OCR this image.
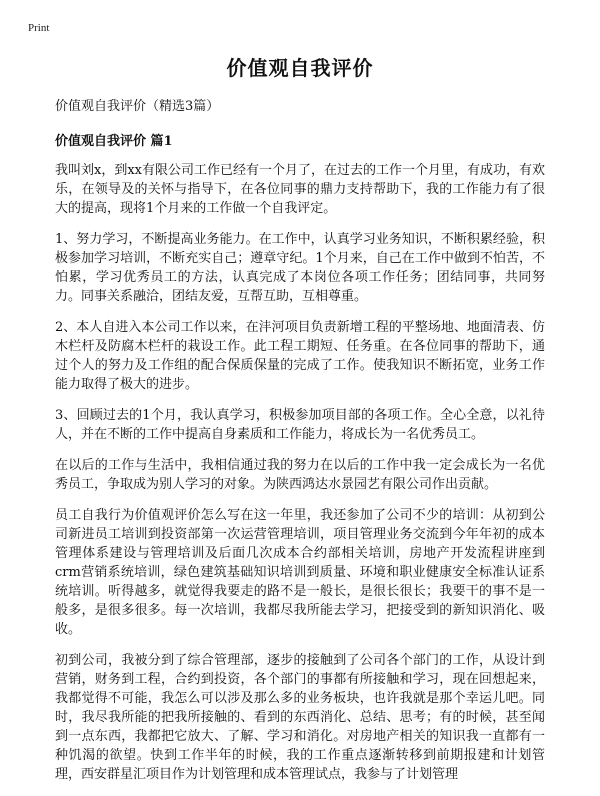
Print
价值观自我评价
价值观自我评价（精选3篇）
价值观自我评价 篇1

我叫刘x，到xx有限公司工作已经有一个月了，在过去的工作一个月里，有成功，有欢乐，在领导及的关怀与指导下，在各位同事的鼎力支持帮助下，我的工作能力有了很大的提高，现将1个月来的工作做一个自我评定。

1、努力学习，不断提高业务能力。在工作中，认真学习业务知识，不断积累经验，积极参加学习培训，不断充实自己；遵章守纪。1个月来，自己在工作中做到不怕苦，不怕累，学习优秀员工的方法，认真完成了本岗位各项工作任务；团结同事，共同努力。同事关系融洽，团结友爱，互帮互助，互相尊重。

2、本人自进入本公司工作以来，在沣河项目负责新增工程的平整场地、地面清表、仿木栏杆及防腐木栏杆的栽设工作。此工程工期短、任务重。在各位同事的帮助下，通过个人的努力及工作组的配合保质保量的完成了工作。使我知识不断拓宽，业务工作能力取得了极大的进步。

3、回顾过去的1个月，我认真学习，积极参加项目部的各项工作。全心全意，以礼待人，并在不断的工作中提高自身素质和工作能力，将成长为一名优秀员工。

在以后的工作与生活中，我相信通过我的努力在以后的工作中我一定会成长为一名优秀员工，争取成为别人学习的对象。为陕西鸿达水景园艺有限公司作出贡献。

员工自我行为价值观评价怎么写在这一年里，我还参加了公司不少的培训：从初到公司新进员工培训到投资部第一次运营管理培训，项目管理业务交流到今年年初的成本管理体系建设与管理培训及后面几次成本合约部相关培训，房地产开发流程讲座到crm营销系统培训，绿色建筑基础知识培训到质量、环境和职业健康安全标准认证系统培训。听得越多，就觉得我要走的路不是一般长，是很长很长；我要干的事不是一般多，是很多很多。每一次培训，我都尽我所能去学习，把接受到的新知识消化、吸收。

初到公司，我被分到了综合管理部，逐步的接触到了公司各个部门的工作，从设计到营销，财务到工程，合约到投资，各个部门的事都有所接触和学习，现在回想起来，我都觉得不可能，我怎么可以涉及那么多的业务板块，也许我就是那个幸运儿吧。同时，我尽我所能的把我所接触的、看到的东西消化、总结、思考；有的时候，甚至闻到一点东西，我都把它放大、了解、学习和消化。对房地产相关的知识我一直都有一种饥渴的欲望。快到工作半年的时候，我的工作重点逐渐转移到前期报建和计划管理，西安群星汇项目作为计划管理和成本管理试点，我参与了计划管理
